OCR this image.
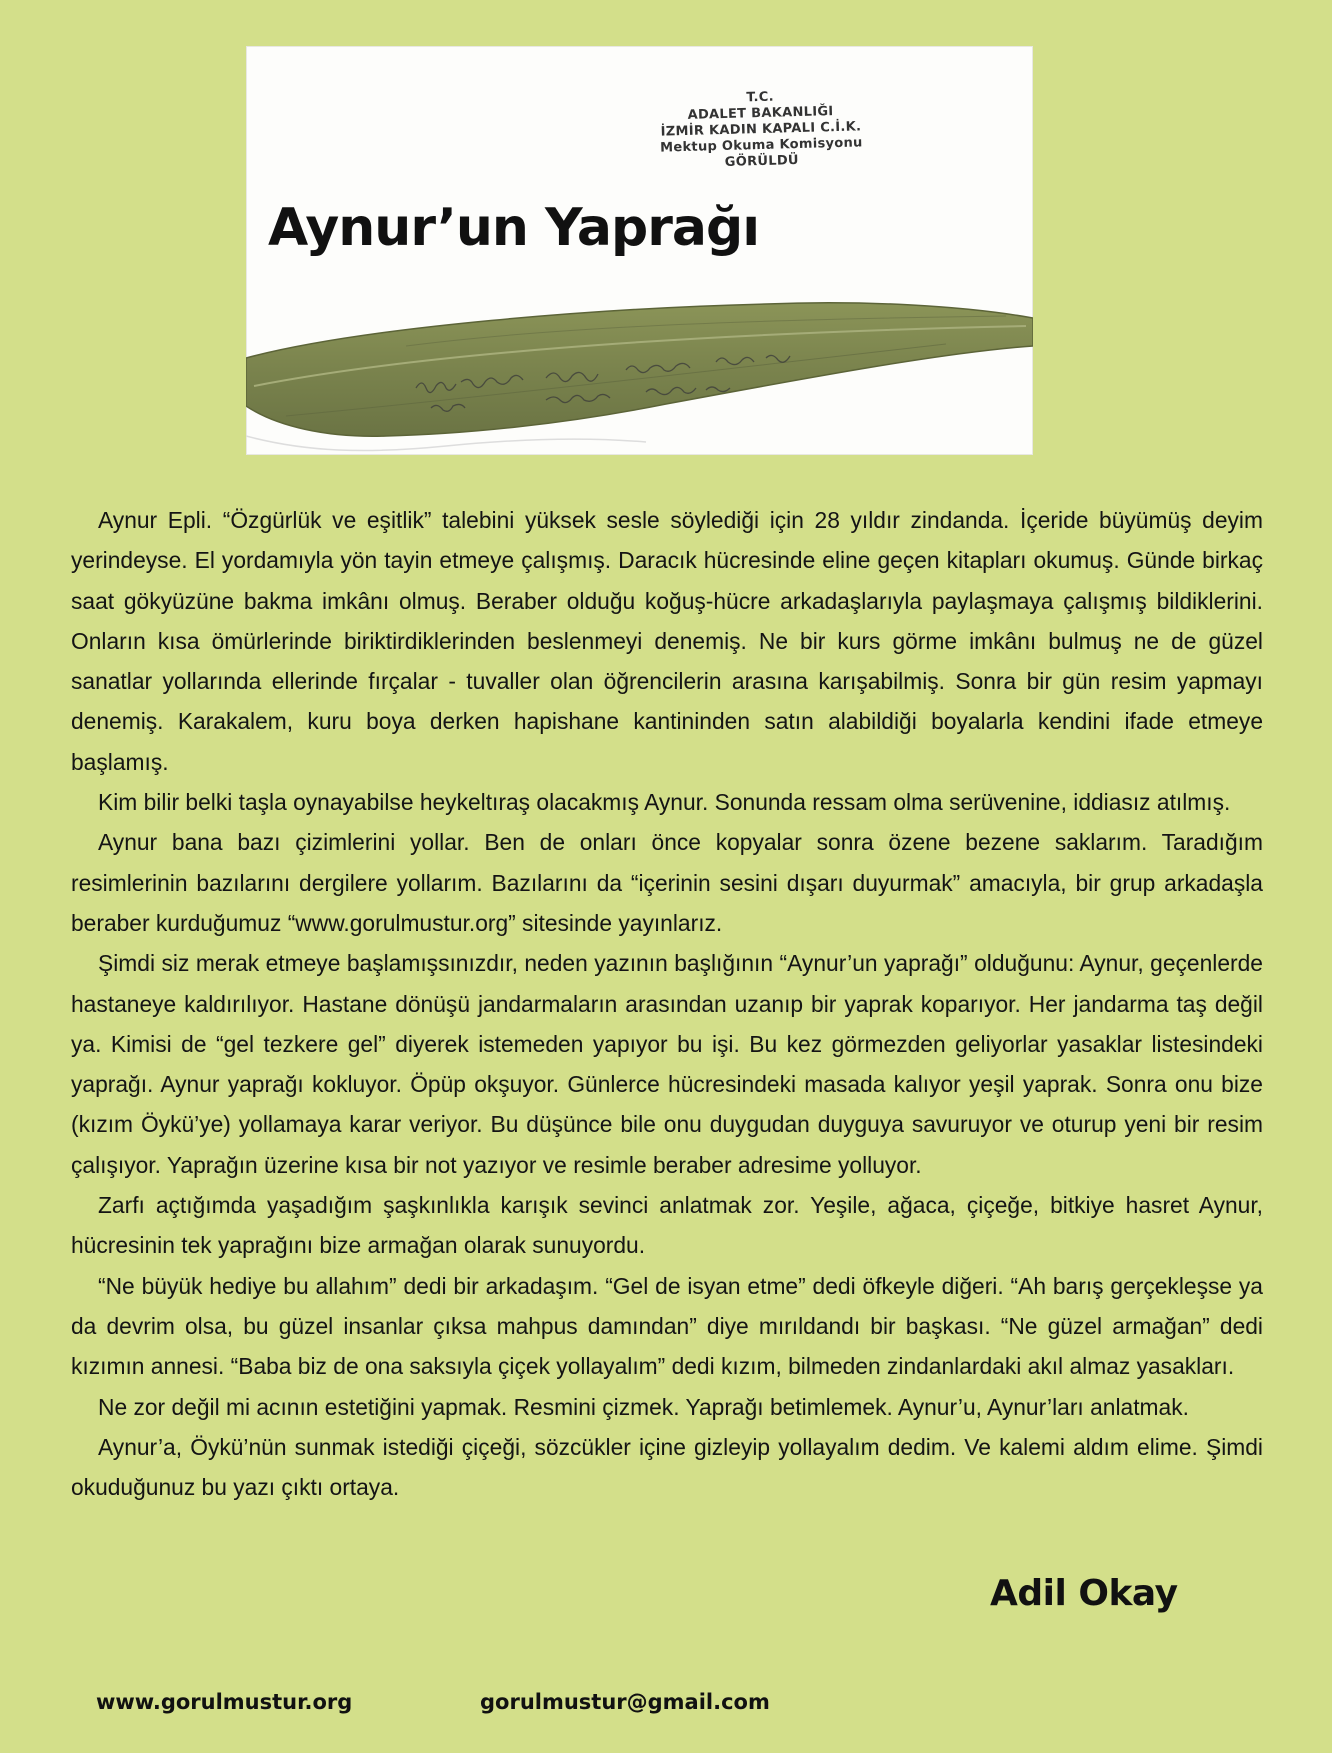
T.C.
ADALET BAKANLIĞI
İZMİR KADIN KAPALI C.İ.K.
Mektup Okuma Komisyonu
GÖRÜLDÜ
Aynur’un Yaprağı

Aynur Epli. “Özgürlük ve eşitlik” talebini yüksek sesle söylediği için 28 yıldır zindanda. İçeride büyümüş deyim yerindeyse. El yordamıyla yön tayin etmeye çalışmış. Daracık hücresinde eline geçen kitapları okumuş. Günde birkaç saat gökyüzüne bakma imkânı olmuş. Beraber olduğu koğuş-hücre arkadaşlarıyla paylaşmaya çalışmış bildiklerini. Onların kısa ömürlerinde biriktirdiklerinden beslenmeyi denemiş. Ne bir kurs görme imkânı bulmuş ne de güzel sanatlar yollarında ellerinde fırçalar - tuvaller olan öğrencilerin arasına karışabilmiş. Sonra bir gün resim yapmayı denemiş. Karakalem, kuru boya derken hapishane kantininden satın alabildiği boyalarla kendini ifade etmeye başlamış.

Kim bilir belki taşla oynayabilse heykeltıraş olacakmış Aynur. Sonunda ressam olma serüvenine, iddiasız atılmış.

Aynur bana bazı çizimlerini yollar. Ben de onları önce kopyalar sonra özene bezene saklarım. Taradığım resimlerinin bazılarını dergilere yollarım. Bazılarını da “içerinin sesini dışarı duyurmak” amacıyla, bir grup arkadaşla beraber kurduğumuz “www.gorulmustur.org” sitesinde yayınlarız.

Şimdi siz merak etmeye başlamışsınızdır, neden yazının başlığının “Aynur’un yaprağı” olduğunu: Aynur, geçenlerde hastaneye kaldırılıyor. Hastane dönüşü jandarmaların arasından uzanıp bir yaprak koparıyor. Her jandarma taş değil ya. Kimisi de “gel tezkere gel” diyerek istemeden yapıyor bu işi. Bu kez görmezden geliyorlar yasaklar listesindeki yaprağı. Aynur yaprağı kokluyor. Öpüp okşuyor. Günlerce hücresindeki masada kalıyor yeşil yaprak. Sonra onu bize (kızım Öykü’ye) yollamaya karar veriyor. Bu düşünce bile onu duygudan duyguya savuruyor ve oturup yeni bir resim çalışıyor. Yaprağın üzerine kısa bir not yazıyor ve resimle beraber adresime yolluyor.

Zarfı açtığımda yaşadığım şaşkınlıkla karışık sevinci anlatmak zor. Yeşile, ağaca, çiçeğe, bitkiye hasret Aynur, hücresinin tek yaprağını bize armağan olarak sunuyordu.

“Ne büyük hediye bu allahım” dedi bir arkadaşım. “Gel de isyan etme” dedi öfkeyle diğeri. “Ah barış gerçekleşse ya da devrim olsa, bu güzel insanlar çıksa mahpus damından” diye mırıldandı bir başkası. “Ne güzel armağan” dedi kızımın annesi. “Baba biz de ona saksıyla çiçek yollayalım” dedi kızım, bilmeden zindanlardaki akıl almaz yasakları.

Ne zor değil mi acının estetiğini yapmak. Resmini çizmek. Yaprağı betimlemek. Aynur’u, Aynur’ları anlatmak.

Aynur’a, Öykü’nün sunmak istediği çiçeği, sözcükler içine gizleyip yollayalım dedim. Ve kalemi aldım elime. Şimdi okuduğunuz bu yazı çıktı ortaya.

Adil Okay
www.gorulmustur.org	gorulmustur@gmail.com
